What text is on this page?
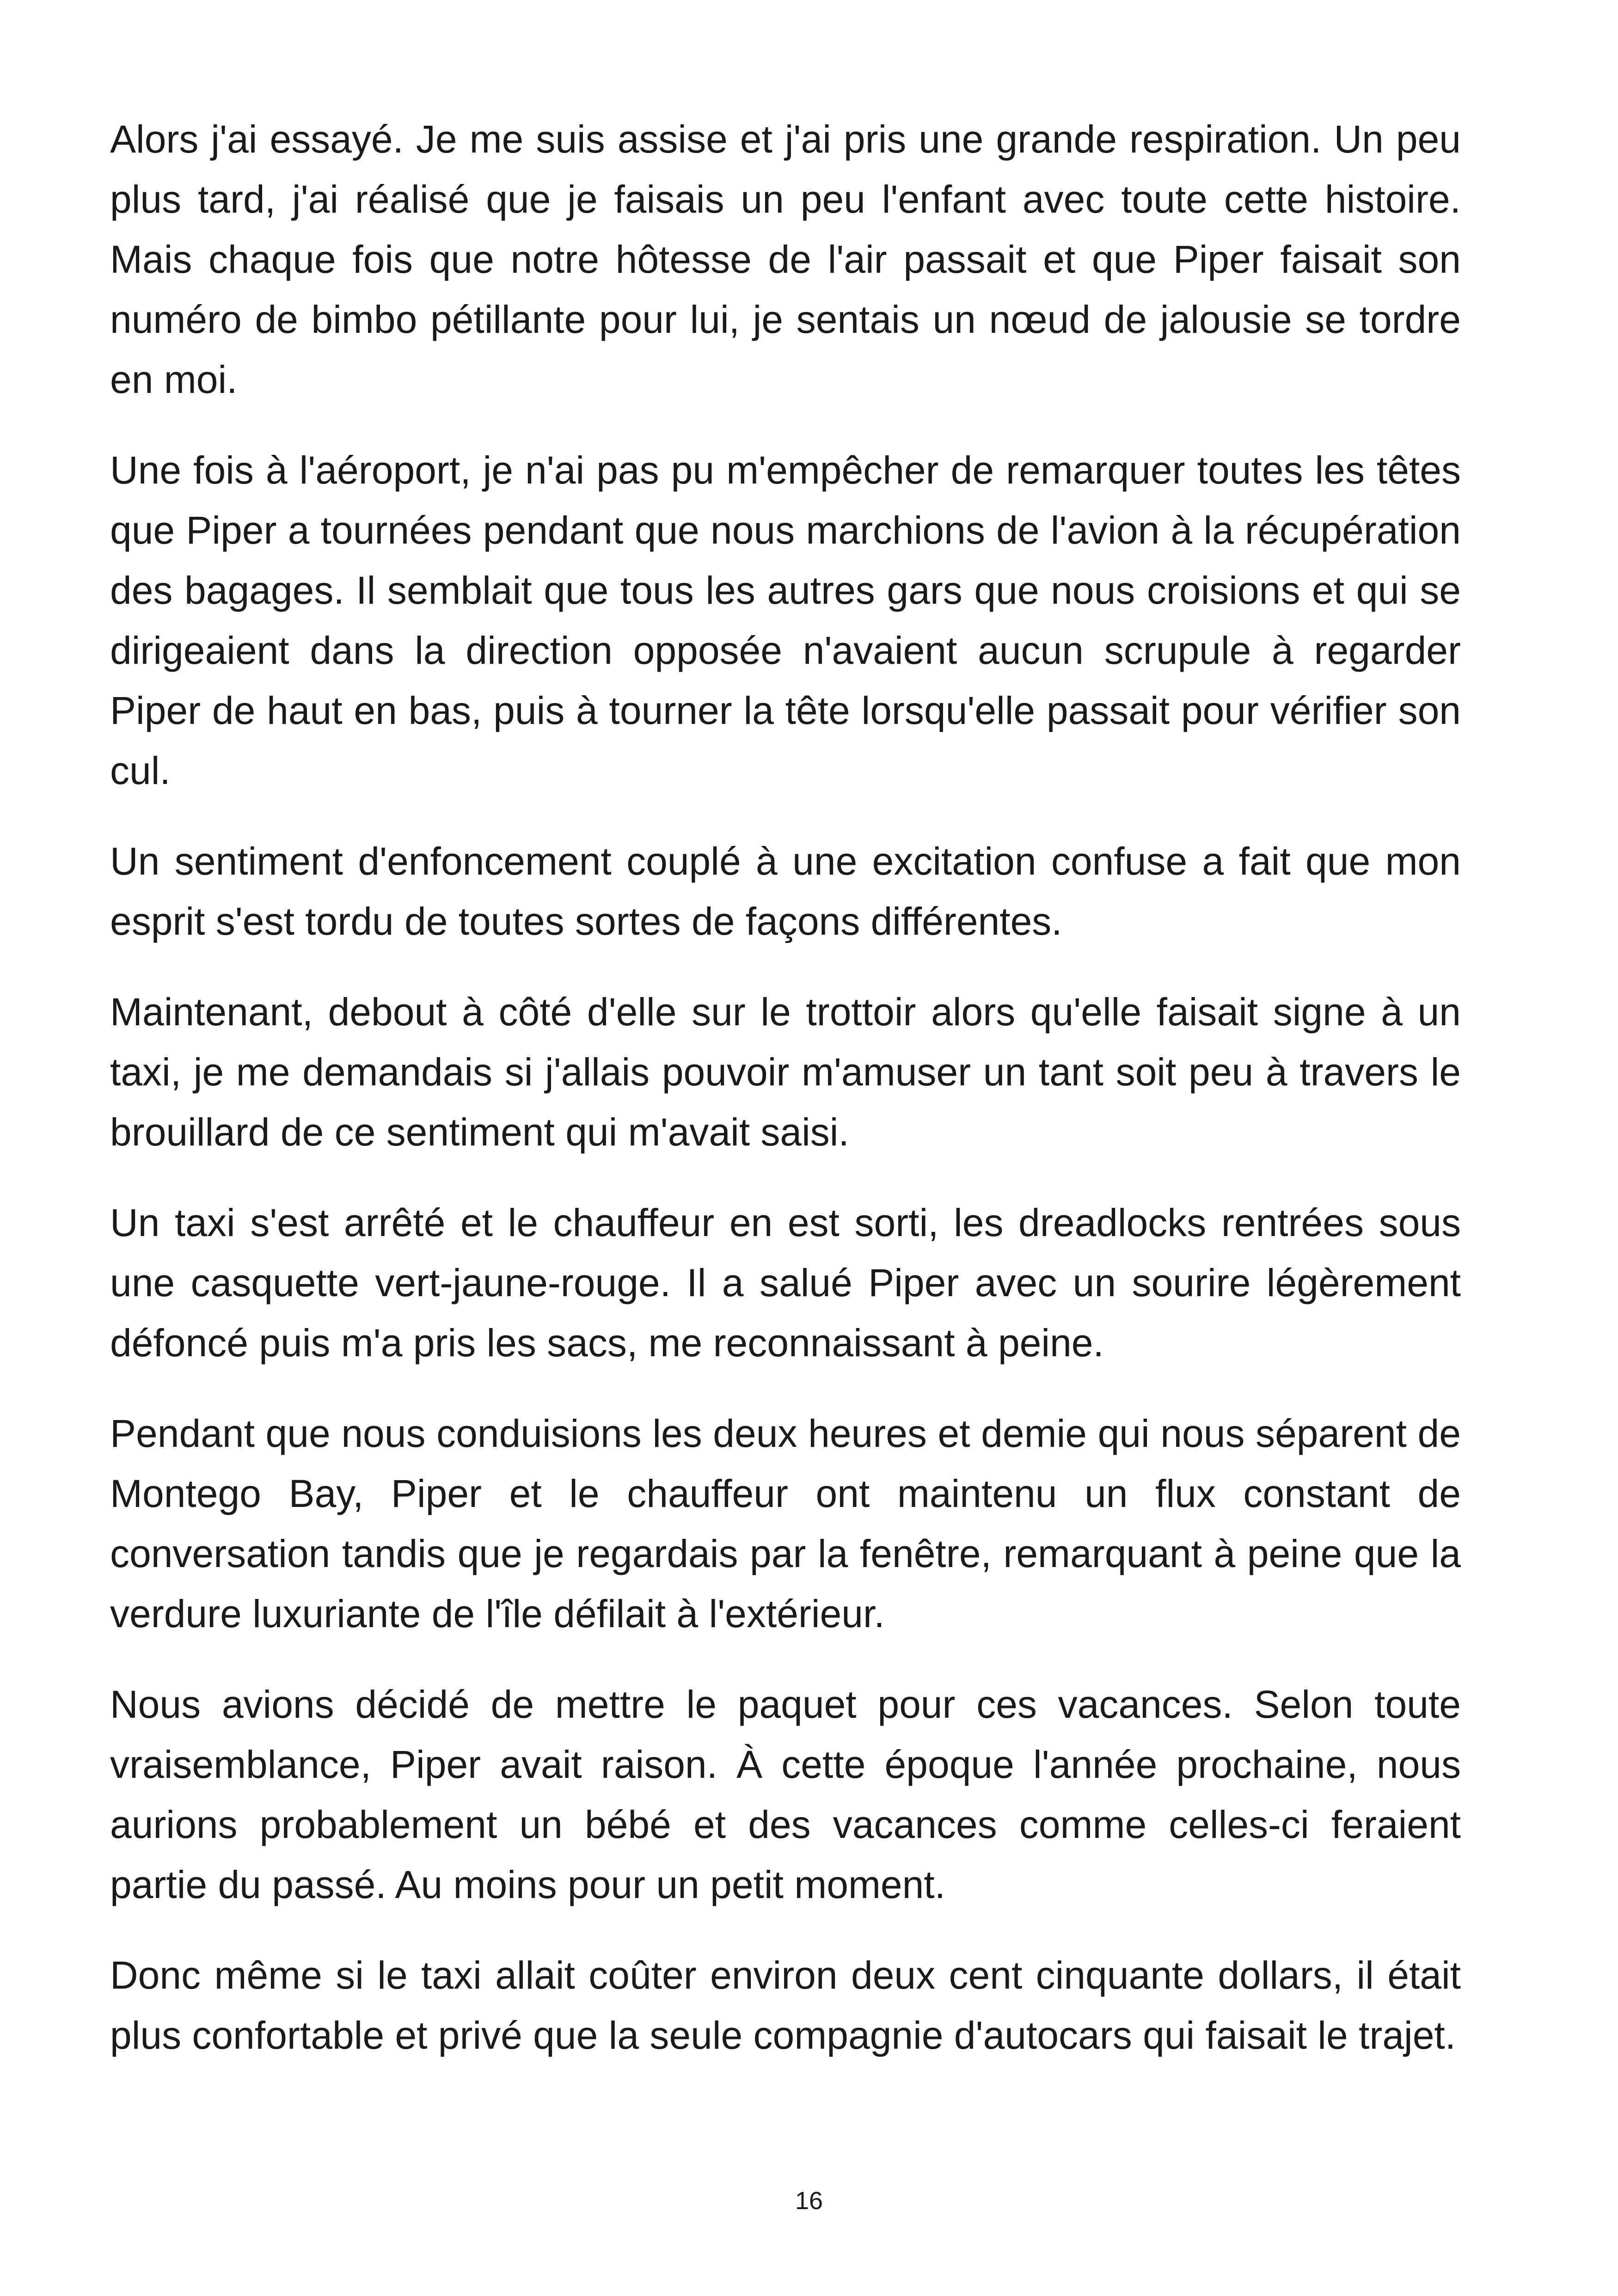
Alors j'ai essayé. Je me suis assise et j'ai pris une grande respiration. Un peu plus tard, j'ai réalisé que je faisais un peu l'enfant avec toute cette histoire. Mais chaque fois que notre hôtesse de l'air passait et que Piper faisait son numéro de bimbo pétillante pour lui, je sentais un nœud de jalousie se tordre en moi.

Une fois à l'aéroport, je n'ai pas pu m'empêcher de remarquer toutes les têtes que Piper a tournées pendant que nous marchions de l'avion à la récupération des bagages. Il semblait que tous les autres gars que nous croisions et qui se dirigeaient dans la direction opposée n'avaient aucun scrupule à regarder Piper de haut en bas, puis à tourner la tête lorsqu'elle passait pour vérifier son cul.

Un sentiment d'enfoncement couplé à une excitation confuse a fait que mon esprit s'est tordu de toutes sortes de façons différentes.

Maintenant, debout à côté d'elle sur le trottoir alors qu'elle faisait signe à un taxi, je me demandais si j'allais pouvoir m'amuser un tant soit peu à travers le brouillard de ce sentiment qui m'avait saisi.

Un taxi s'est arrêté et le chauffeur en est sorti, les dreadlocks rentrées sous une casquette vert-jaune-rouge. Il a salué Piper avec un sourire légèrement défoncé puis m'a pris les sacs, me reconnaissant à peine.

Pendant que nous conduisions les deux heures et demie qui nous séparent de Montego Bay, Piper et le chauffeur ont maintenu un flux constant de conversation tandis que je regardais par la fenêtre, remarquant à peine que la verdure luxuriante de l'île défilait à l'extérieur.

Nous avions décidé de mettre le paquet pour ces vacances. Selon toute vraisemblance, Piper avait raison. À cette époque l'année prochaine, nous aurions probablement un bébé et des vacances comme celles-ci feraient partie du passé. Au moins pour un petit moment.

Donc même si le taxi allait coûter environ deux cent cinquante dollars, il était plus confortable et privé que la seule compagnie d'autocars qui faisait le trajet.

16
